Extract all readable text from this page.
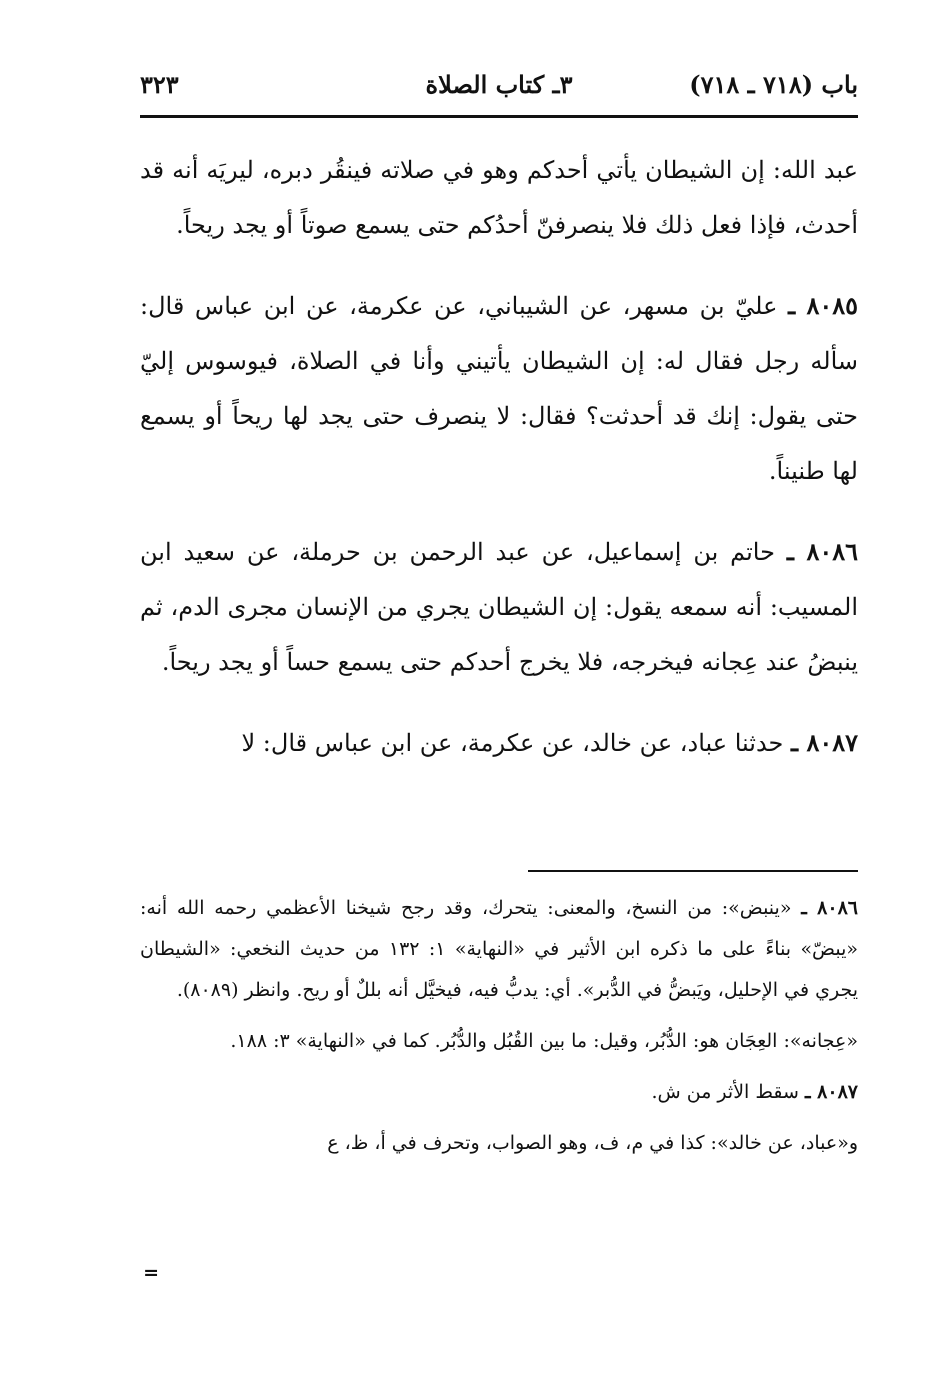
باب (٧١٨ ـ ٧١٨)
٣ـ كتاب الصلاة
٣٢٣

عبد الله: إن الشيطان يأتي أحدكم وهو في صلاته فينقُر دبره، ليريَه أنه قد أحدث، فإذا فعل ذلك فلا ينصرفنّ أحدُكم حتى يسمع صوتاً أو يجد ريحاً.

٨٠٨٥ ـ عليّ بن مسهر، عن الشيباني، عن عكرمة، عن ابن عباس قال: سأله رجل فقال له: إن الشيطان يأتيني وأنا في الصلاة، فيوسوس إليّ حتى يقول: إنك قد أحدثت؟ فقال: لا ينصرف حتى يجد لها ريحاً أو يسمع لها طنيناً.

٨٠٨٦ ـ حاتم بن إسماعيل، عن عبد الرحمن بن حرملة، عن سعيد ابن المسيب: أنه سمعه يقول: إن الشيطان يجري من الإنسان مجرى الدم، ثم ينبضُ عند عِجانه فيخرجه، فلا يخرج أحدكم حتى يسمع حساً أو يجد ريحاً.

٨٠٨٧ ـ حدثنا عباد، عن خالد، عن عكرمة، عن ابن عباس قال: لا

٨٠٨٦ ـ «ينبض»: من النسخ، والمعنى: يتحرك، وقد رجح شيخنا الأعظمي رحمه الله أنه: «يبضّ» بناءً على ما ذكره ابن الأثير في «النهاية» ١: ١٣٢ من حديث النخعي: «الشيطان يجري في الإحليل، ويَبضُّ في الدُّبر». أي: يدبُّ فيه، فيخيَّل أنه بللٌ أو ريح. وانظر (٨٠٨٩).

«عِجانه»: العِجَان هو: الدُّبُر، وقيل: ما بين القُبُل والدُّبُر. كما في «النهاية» ٣: ١٨٨.

٨٠٨٧ ـ سقط الأثر من ش.

و«عباد، عن خالد»: كذا في م، ف، وهو الصواب، وتحرف في أ، ظ، ع

=
